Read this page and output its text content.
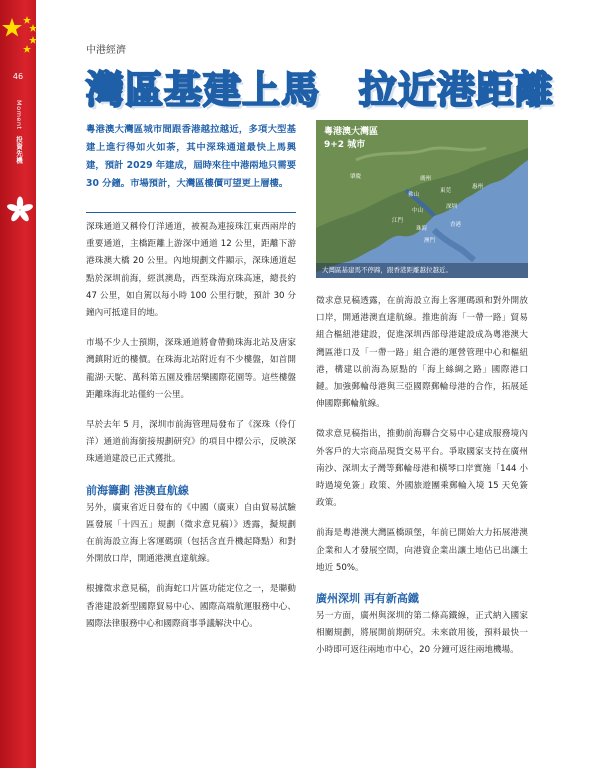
46
Moment 投資先機
中港經濟
灣區基建上馬　拉近港距離
粵港澳大灣區城市間跟香港越拉越近，多項大型基建上進行得如火如荼，其中深珠通道最快上馬興建，預計 2029 年建成，屆時來往中港兩地只需要 30 分鐘。市場預計，大灣區樓價可望更上層樓。

深珠通道又稱伶仃洋通道，被視為連接珠江東西兩岸的重要通道，主橋距離上游深中通道 12 公里，距離下游港珠澳大橋 20 公里。內地規劃文件顯示，深珠通道起點於深圳前海，經淇澳島，西至珠海京珠高速，總長約 47 公里，如自駕以每小時 100 公里行駛，預計 30 分鐘內可抵達目的地。

市場不少人士預期，深珠通道將會帶動珠海北站及唐家灣鎮附近的樓價。在珠海北站附近有不少樓盤，如首開龍湖‧天駝、萬科第五園及雅居樂國際花園等。這些樓盤距離珠海北站僅約一公里。

早於去年 5 月，深圳市前海管理局發布了《深珠（伶仃洋）通道前海銜接規劃研究》的項目中標公示，反映深珠通道建設已正式獲批。

前海籌劃 港澳直航線

另外，廣東省近日發布的《中國（廣東）自由貿易試驗區發展「十四五」規劃（徵求意見稿）》透露，擬規劃在前海設立海上客運碼頭（包括含直升機起降點）和對外開放口岸，開通港澳直達航線。

根據徵求意見稿，前海蛇口片區功能定位之一，是聯動香港建設新型國際貿易中心、國際高端航運服務中心、國際法律服務中心和國際商事爭議解決中心。

粵港澳大灣區
9+2 城市
肇慶	廣州
東莞
佛山
惠州
中山
深圳
江門
珠海
香港
澳門
大灣區基建馬不停蹄，跟香港距離越拉越近。

徵求意見稿透露，在前海設立海上客運碼頭和對外開放口岸，開通港澳直達航線。推進前海「一帶一路」貿易組合樞紐港建設，促進深圳西部母港建設成為粵港澳大灣區港口及「一帶一路」組合港的運營管理中心和樞紐港，構建以前海為原點的「海上絲綢之路」國際港口鏈。加強郵輪母港與三亞國際郵輪母港的合作，拓展延伸國際郵輪航線。

徵求意見稿指出，推動前海聯合交易中心建成服務境內外客戶的大宗商品現貨交易平台。爭取國家支持在廣州南沙、深圳太子灣等郵輪母港和橫琴口岸實施「144 小時過境免簽」政策、外國旅遊團乘郵輪入境 15 天免簽政策。

前海是粵港澳大灣區橋頭堡，年前已開始大力拓展港澳企業和人才發展空間，向港資企業出讓土地佔已出讓土地近 50%。

廣州深圳 再有新高鐵

另一方面，廣州與深圳的第二條高鐵線，正式納入國家相關規劃，將展開前期研究。未來啟用後，預料最快一小時即可返往兩地市中心，20 分鐘可返往兩地機場。
